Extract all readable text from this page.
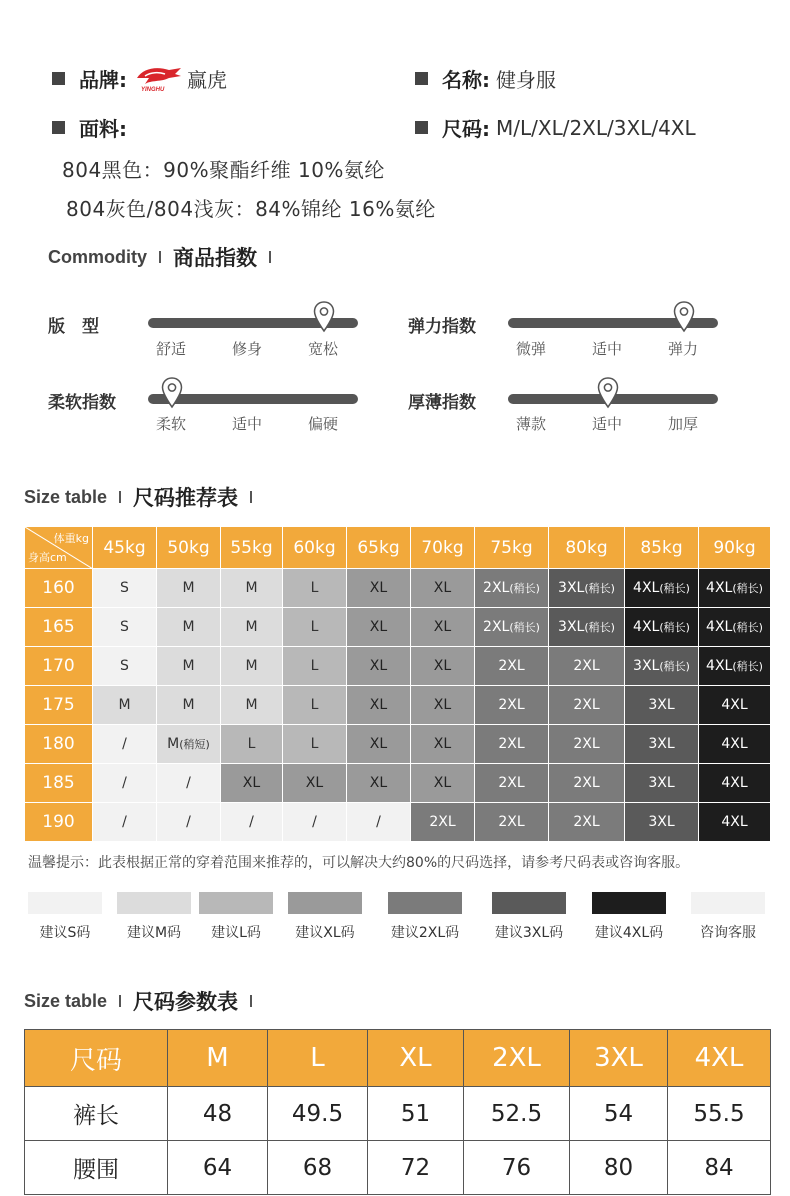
品牌: YINGHU 赢虎	名称: 健身服
面料:	尺码: M/L/XL/2XL/3XL/4XL
804黑色：90%聚酯纤维 10%氨纶
804灰色/804浅灰：84%锦纶 16%氨纶
Commodity 商品指数
版　型
舒适	修身	宽松
弹力指数
微弹	适中	弹力
柔软指数
柔软	适中	偏硬
厚薄指数
薄款	适中	加厚
Size table 尺码推荐表
体重kg
身高cm	45kg	50kg	55kg	60kg	65kg	70kg	75kg	80kg	85kg	90kg
160	S	M	M	L	XL	XL	2XL(稍长)	3XL(稍长)	4XL(稍长)	4XL(稍长)
165	S	M	M	L	XL	XL	2XL(稍长)	3XL(稍长)	4XL(稍长)	4XL(稍长)
170	S	M	M	L	XL	XL	2XL	2XL	3XL(稍长)	4XL(稍长)
175	M	M	M	L	XL	XL	2XL	2XL	3XL	4XL
180	/	M(稍短)	L	L	XL	XL	2XL	2XL	3XL	4XL
185	/	/	XL	XL	XL	XL	2XL	2XL	3XL	4XL
190	/	/	/	/	/	2XL	2XL	2XL	3XL	4XL
温馨提示：此表根据正常的穿着范围来推荐的，可以解决大约80%的尺码选择，请参考尺码表或咨询客服。
建议S码	建议M码	建议L码	建议XL码	建议2XL码	建议3XL码	建议4XL码	咨询客服
Size table 尺码参数表
尺码	M	L	XL	2XL	3XL	4XL
裤长	48	49.5	51	52.5	54	55.5
腰围	64	68	72	76	80	84
